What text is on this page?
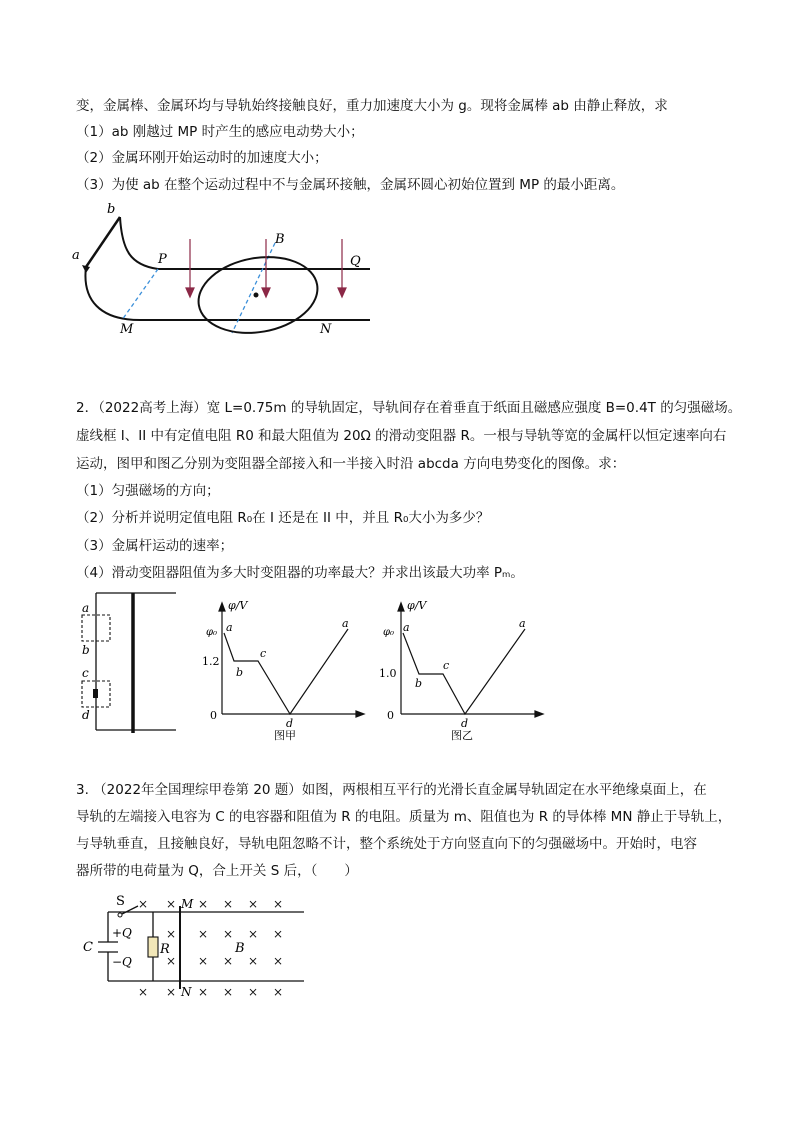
变，金属棒、金属环均与导轨始终接触良好，重力加速度大小为 g。现将金属棒 ab 由静止释放，求
（1）ab 刚越过 MP 时产生的感应电动势大小；
（2）金属环刚开始运动时的加速度大小；
（3）为使 ab 在整个运动过程中不与金属环接触，金属环圆心初始位置到 MP 的最小距离。
a
b
P	Q
B
M	N
2．（2022高考上海）宽 L=0.75m 的导轨固定，导轨间存在着垂直于纸面且磁感应强度 B=0.4T 的匀强磁场。
虚线框 I、II 中有定值电阻 R0 和最大阻值为 20Ω 的滑动变阻器 R。一根与导轨等宽的金属杆以恒定速率向右
运动，图甲和图乙分别为变阻器全部接入和一半接入时沿 abcda 方向电势变化的图像。求：
（1）匀强磁场的方向；
（2）分析并说明定值电阻 R₀在 I 还是在 II 中，并且 R₀大小为多少？
（3）金属杆运动的速率；
（4）滑动变阻器阻值为多大时变阻器的功率最大？并求出该最大功率 Pₘ。
a
b
c
d
φ/V
φ₀
1.2
0
a
b
c
d
a
图甲
φ/V
φ₀
1.0
0
a
b
c
d
a
图乙
3. （2022年全国理综甲卷第 20 题）如图，两根相互平行的光滑长直金属导轨固定在水平绝缘桌面上，在
导轨的左端接入电容为 C 的电容器和阻值为 R 的电阻。质量为 m、阻值也为 R 的导体棒 MN 静止于导轨上，
与导轨垂直，且接触良好，导轨电阻忽略不计，整个系统处于方向竖直向下的匀强磁场中。开始时，电容
器所带的电荷量为 Q，合上开关 S 后，（　　）
× × × × × ×
× × × ×
×
× × × × ×
× × × × × ×
S
C
+Q
−Q
R
M
N
B
